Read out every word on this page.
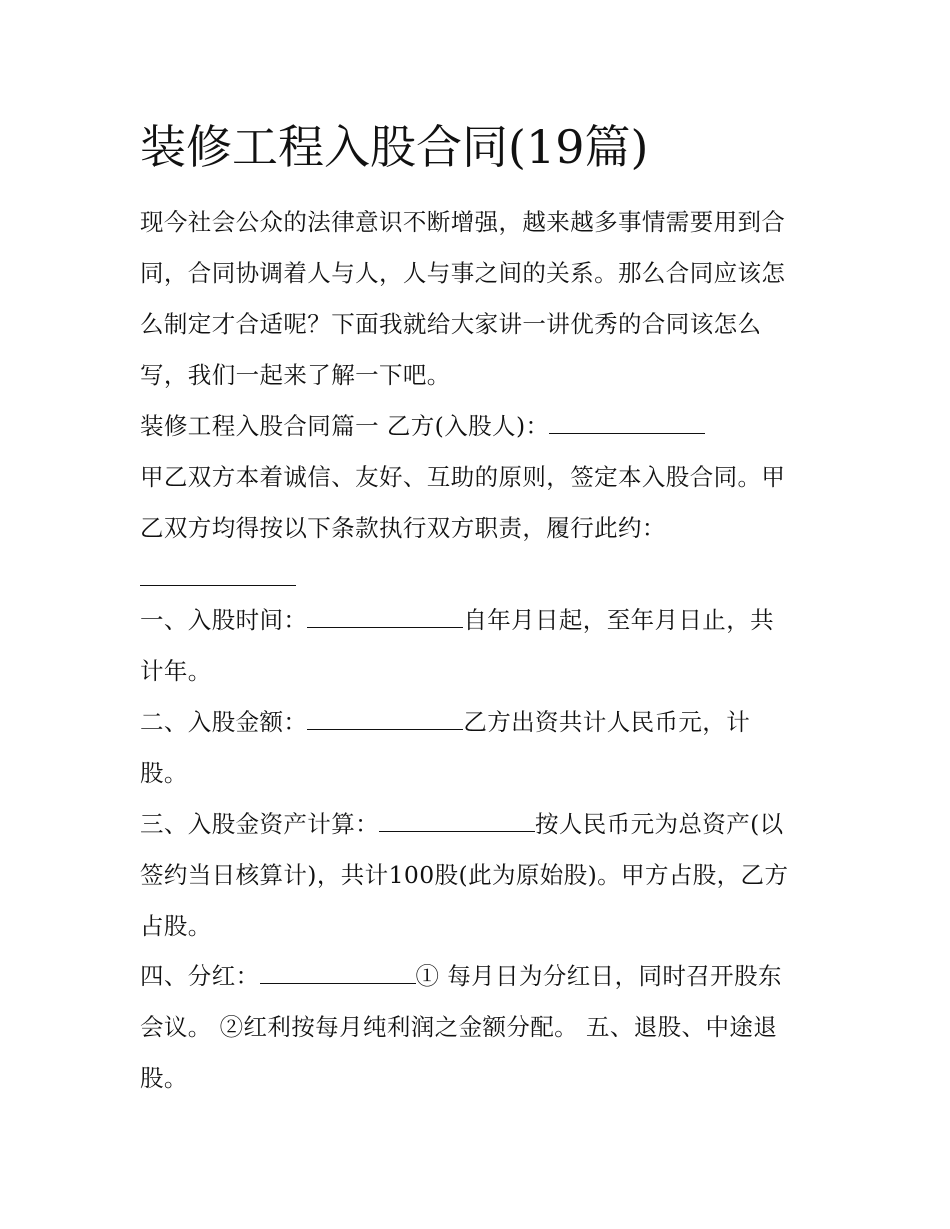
装修工程入股合同(19篇)
现今社会公众的法律意识不断增强，越来越多事情需要用到合
同，合同协调着人与人，人与事之间的关系。那么合同应该怎
么制定才合适呢？下面我就给大家讲一讲优秀的合同该怎么
写，我们一起来了解一下吧。
装修工程入股合同篇一 乙方(入股人)：
甲乙双方本着诚信、友好、互助的原则，签定本入股合同。甲
乙双方均得按以下条款执行双方职责，履行此约：
一、入股时间：	自年月日起，至年月日止，共
计年。
二、入股金额：	乙方出资共计人民币元，计
股。
三、入股金资产计算：	按人民币元为总资产(以
签约当日核算计)，共计100股(此为原始股)。甲方占股，乙方
占股。
四、分红：	① 每月日为分红日，同时召开股东
会议。 ②红利按每月纯利润之金额分配。 五、退股、中途退
股。
